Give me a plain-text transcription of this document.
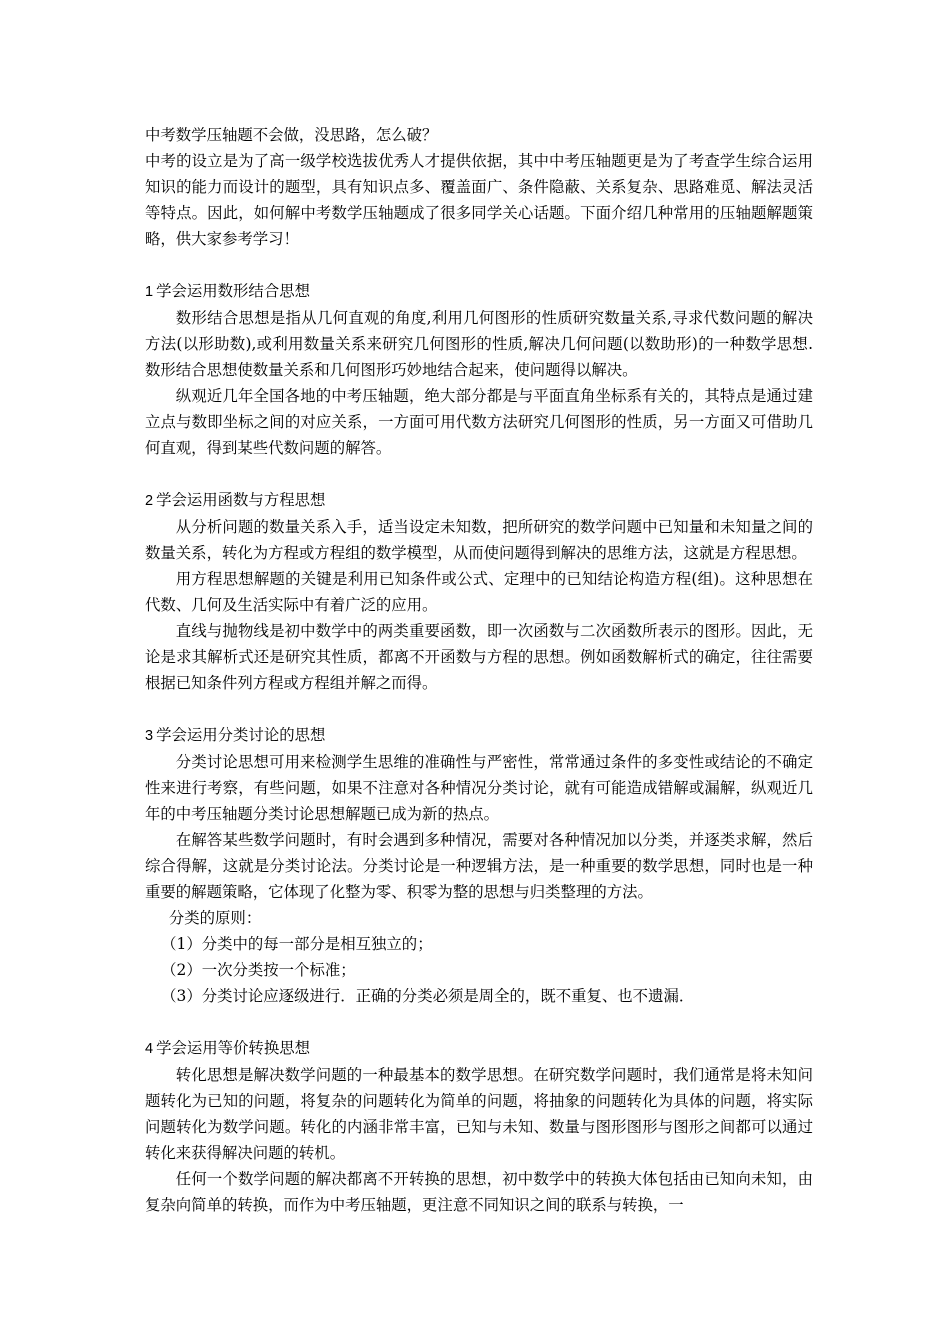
中考数学压轴题不会做，没思路，怎么破？

中考的设立是为了高一级学校选拔优秀人才提供依据，其中中考压轴题更是为了考查学生综合运用知识的能力而设计的题型，具有知识点多、覆盖面广、条件隐蔽、关系复杂、思路难觅、解法灵活等特点。因此，如何解中考数学压轴题成了很多同学关心话题。下面介绍几种常用的压轴题解题策略，供大家参考学习！

1 学会运用数形结合思想

数形结合思想是指从几何直观的角度,利用几何图形的性质研究数量关系,寻求代数问题的解决方法(以形助数),或利用数量关系来研究几何图形的性质,解决几何问题(以数助形)的一种数学思想.数形结合思想使数量关系和几何图形巧妙地结合起来，使问题得以解决。

纵观近几年全国各地的中考压轴题，绝大部分都是与平面直角坐标系有关的，其特点是通过建立点与数即坐标之间的对应关系，一方面可用代数方法研究几何图形的性质，另一方面又可借助几何直观，得到某些代数问题的解答。

2 学会运用函数与方程思想

从分析问题的数量关系入手，适当设定未知数，把所研究的数学问题中已知量和未知量之间的数量关系，转化为方程或方程组的数学模型，从而使问题得到解决的思维方法，这就是方程思想。

用方程思想解题的关键是利用已知条件或公式、定理中的已知结论构造方程(组)。这种思想在代数、几何及生活实际中有着广泛的应用。

直线与抛物线是初中数学中的两类重要函数，即一次函数与二次函数所表示的图形。因此，无论是求其解析式还是研究其性质，都离不开函数与方程的思想。例如函数解析式的确定，往往需要根据已知条件列方程或方程组并解之而得。

3 学会运用分类讨论的思想

分类讨论思想可用来检测学生思维的准确性与严密性，常常通过条件的多变性或结论的不确定性来进行考察，有些问题，如果不注意对各种情况分类讨论，就有可能造成错解或漏解，纵观近几年的中考压轴题分类讨论思想解题已成为新的热点。

在解答某些数学问题时，有时会遇到多种情况，需要对各种情况加以分类，并逐类求解，然后综合得解，这就是分类讨论法。分类讨论是一种逻辑方法，是一种重要的数学思想，同时也是一种重要的解题策略，它体现了化整为零、积零为整的思想与归类整理的方法。

分类的原则：

（1）分类中的每一部分是相互独立的；

（2）一次分类按一个标准；

（3）分类讨论应逐级进行．正确的分类必须是周全的，既不重复、也不遗漏．

4 学会运用等价转换思想

转化思想是解决数学问题的一种最基本的数学思想。在研究数学问题时，我们通常是将未知问题转化为已知的问题，将复杂的问题转化为简单的问题，将抽象的问题转化为具体的问题，将实际问题转化为数学问题。转化的内涵非常丰富，已知与未知、数量与图形图形与图形之间都可以通过转化来获得解决问题的转机。

任何一个数学问题的解决都离不开转换的思想，初中数学中的转换大体包括由已知向未知，由复杂向简单的转换，而作为中考压轴题，更注意不同知识之间的联系与转换，一
